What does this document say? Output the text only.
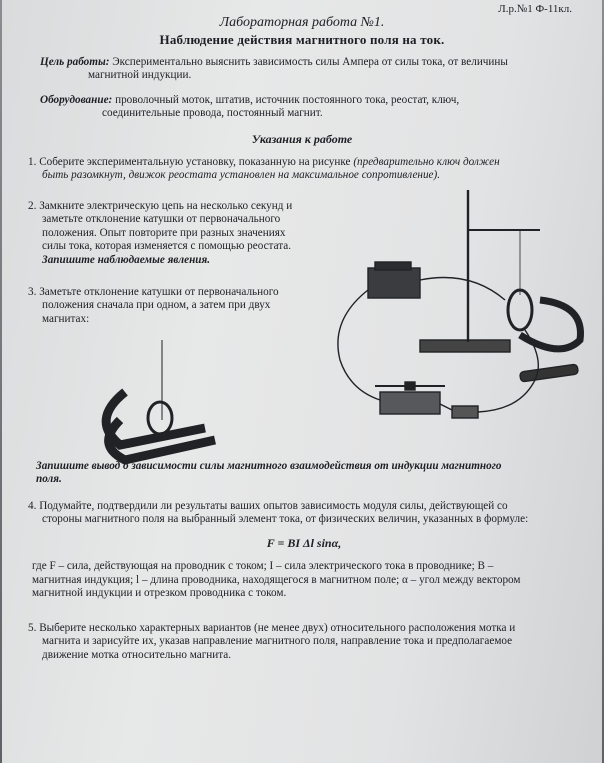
Л.р.№1 Ф-11кл.
Лабораторная работа №1.
Наблюдение действия магнитного поля на ток.
Цель работы: Экспериментально выяснить зависимость силы Ампера от силы тока, от величины
магнитной индукции.
Оборудование: проволочный моток, штатив, источник постоянного тока, реостат, ключ,
соединительные провода, постоянный магнит.
Указания к работе
1. Соберите экспериментальную установку, показанную на рисунке (предварительно ключ должен
быть разомкнут, движок реостата установлен на максимальное сопротивление).
2. Замкните электрическую цепь на несколько секунд и
заметьте отклонение катушки от первоначального
положения. Опыт повторите при разных значениях
силы тока, которая изменяется с помощью реостата.
Запишите наблюдаемые явления.
3. Заметьте отклонение катушки от первоначального
положения сначала при одном, а затем при двух
магнитах:
Запишите вывод о зависимости силы магнитного взаимодействия от индукции магнитного
поля.
4. Подумайте, подтвердили ли результаты ваших опытов зависимость модуля силы, действующей со
стороны магнитного поля на выбранный элемент тока, от физических величин, указанных в формуле:
F = BI Δl sinα,
где F – сила, действующая на проводник с током; I – сила электрического тока в проводнике; B –
магнитная индукция; l – длина проводника, находящегося в магнитном поле; α – угол между вектором
магнитной индукции и отрезком проводника с током.
5. Выберите несколько характерных вариантов (не менее двух) относительного расположения мотка и
магнита и зарисуйте их, указав направление магнитного поля, направление тока и предполагаемое
движение мотка относительно магнита.
